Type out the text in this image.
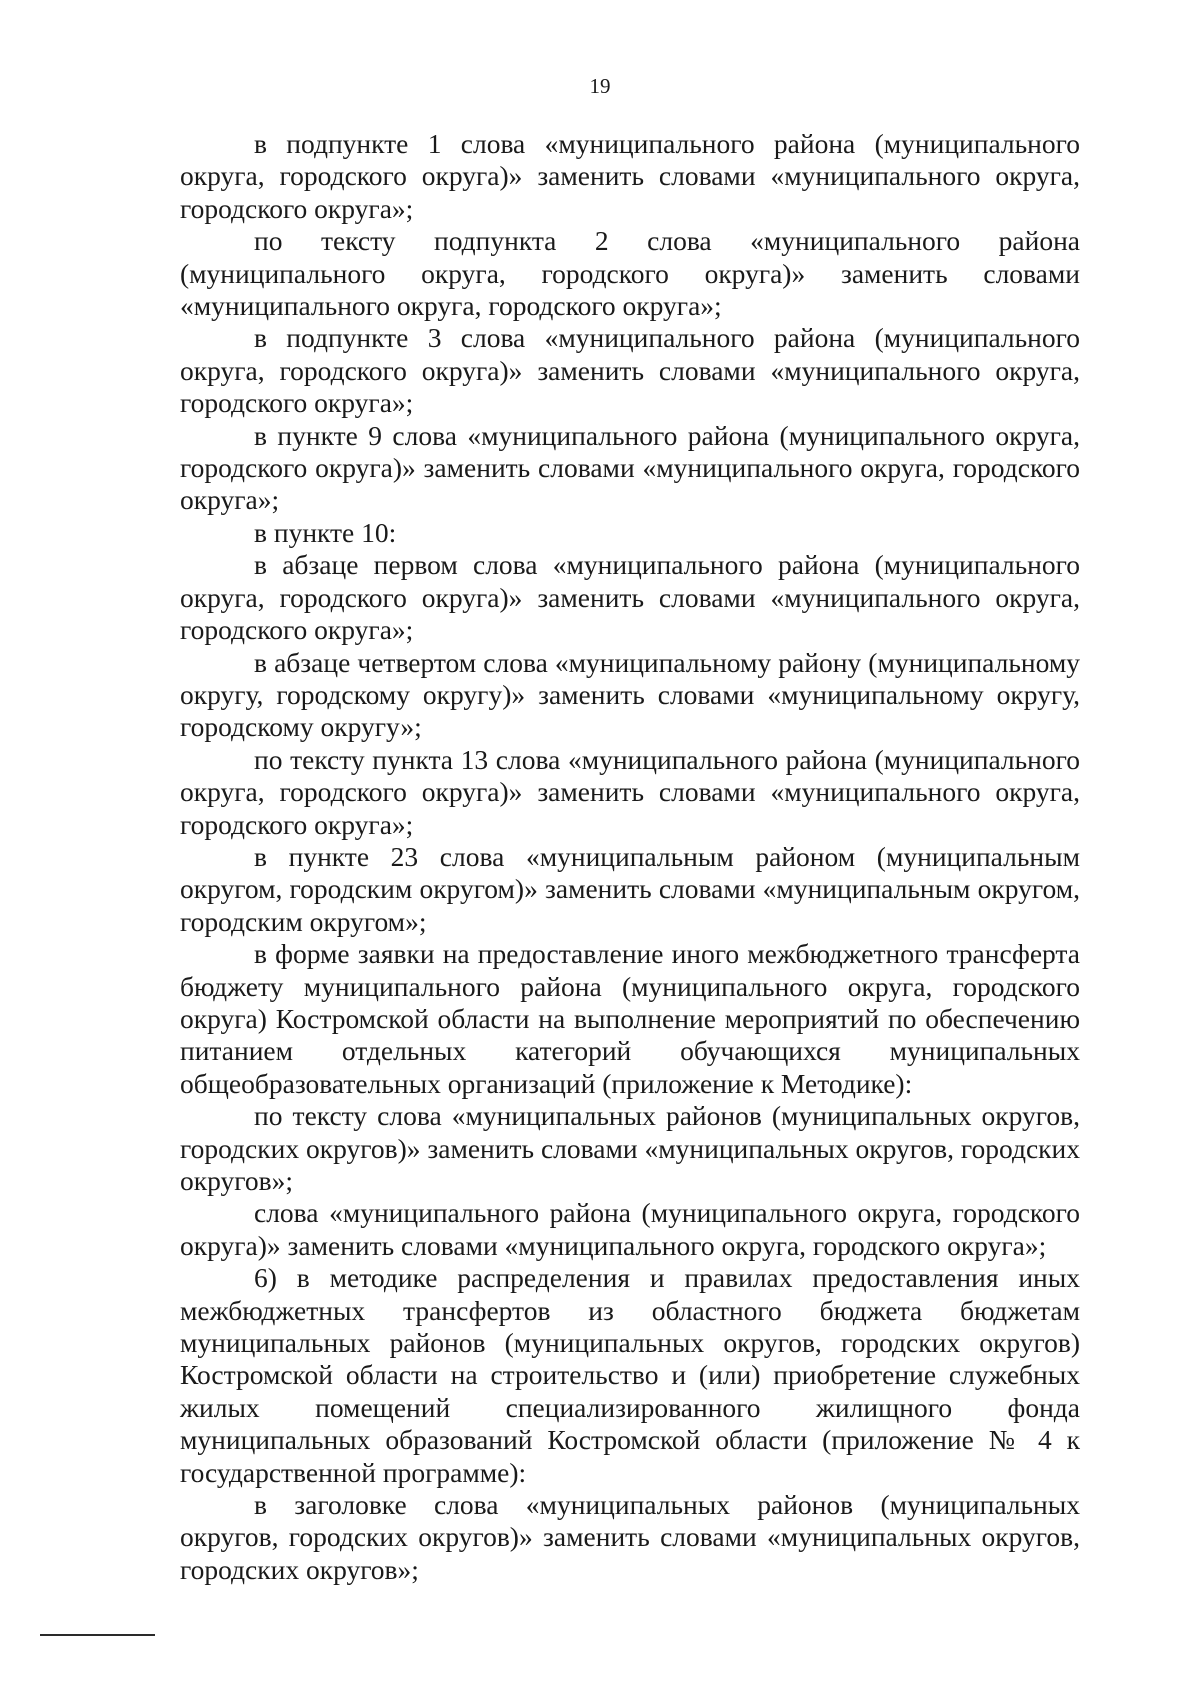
19

в подпункте 1 слова «муниципального района (муниципального округа, городского округа)» заменить словами «муниципального округа, городского округа»;

по тексту подпункта 2 слова «муниципального района (муниципального округа, городского округа)» заменить словами «муниципального округа, городского округа»;

в подпункте 3 слова «муниципального района (муниципального округа, городского округа)» заменить словами «муниципального округа, городского округа»;

в пункте 9 слова «муниципального района (муниципального округа, городского округа)» заменить словами «муниципального округа, городского округа»;

в пункте 10:

в абзаце первом слова «муниципального района (муниципального округа, городского округа)» заменить словами «муниципального округа, городского округа»;

в абзаце четвертом слова «муниципальному району (муниципальному округу, городскому округу)» заменить словами «муниципальному округу, городскому округу»;

по тексту пункта 13 слова «муниципального района (муниципального округа, городского округа)» заменить словами «муниципального округа, городского округа»;

в пункте 23 слова «муниципальным районом (муниципальным округом, городским округом)» заменить словами «муниципальным округом, городским округом»;

в форме заявки на предоставление иного межбюджетного трансферта бюджету муниципального района (муниципального округа, городского округа) Костромской области на выполнение мероприятий по обеспечению питанием отдельных категорий обучающихся муниципальных общеобразовательных организаций (приложение к Методике):

по тексту слова «муниципальных районов (муниципальных округов, городских округов)» заменить словами «муниципальных округов, городских округов»;

слова «муниципального района (муниципального округа, городского округа)» заменить словами «муниципального округа, городского округа»;

6) в методике распределения и правилах предоставления иных межбюджетных трансфертов из областного бюджета бюджетам муниципальных районов (муниципальных округов, городских округов) Костромской области на строительство и (или) приобретение служебных жилых помещений специализированного жилищного фонда муниципальных образований Костромской области (приложение № 4 к государственной программе):

в заголовке слова «муниципальных районов (муниципальных округов, городских округов)» заменить словами «муниципальных округов, городских округов»;
